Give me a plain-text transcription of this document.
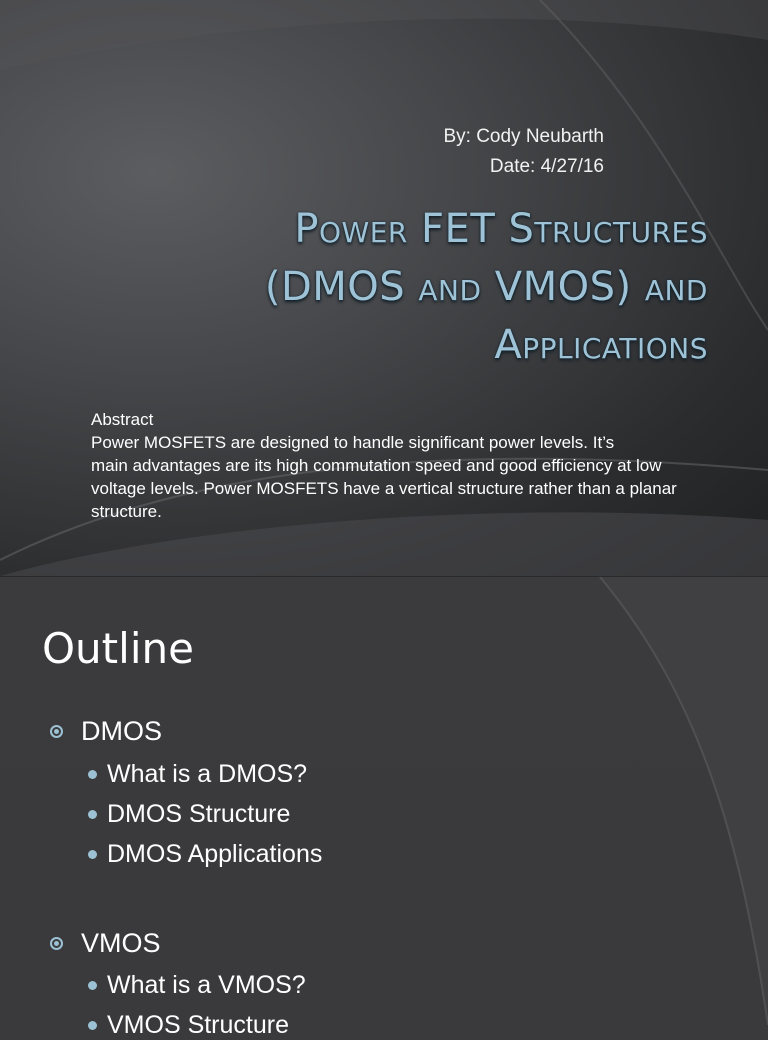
By: Cody Neubarth
Date: 4/27/16
Power FET Structures
(DMOS and VMOS) and
Applications
Abstract
Power MOSFETS are designed to handle significant power levels. It’s
main advantages are its high commutation speed and good efficiency at low voltage levels. Power MOSFETS have a vertical structure rather than a planar structure.
Outline
DMOS
What is a DMOS?
DMOS Structure
DMOS Applications
VMOS
What is a VMOS?
VMOS Structure
